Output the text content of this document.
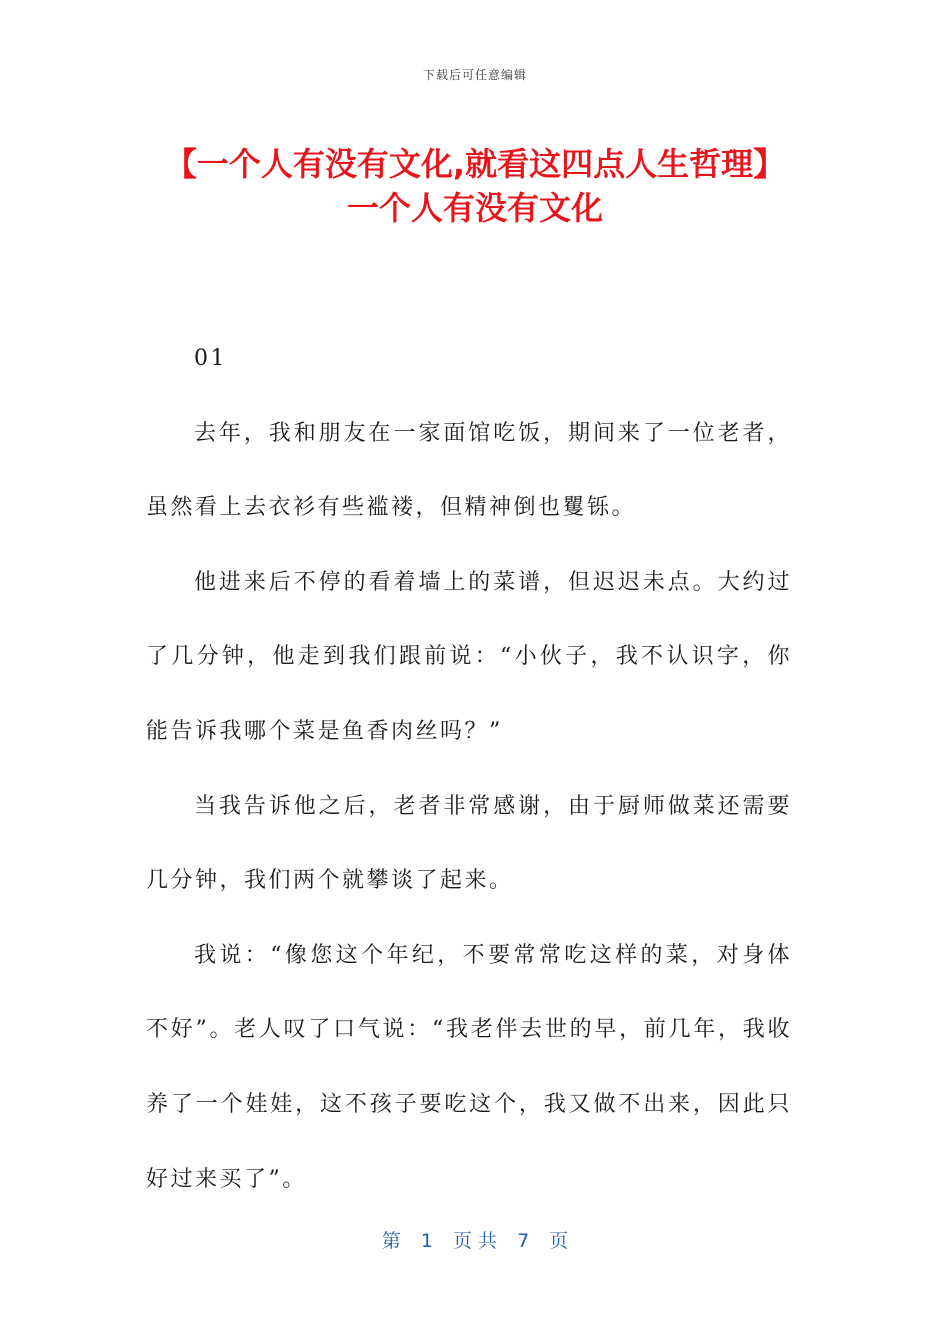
下载后可任意编辑
【一个人有没有文化,就看这四点人生哲理】
一个人有没有文化

01

去年，我和朋友在一家面馆吃饭，期间来了一位老者，虽然看上去衣衫有些褴褛，但精神倒也矍铄。

他进来后不停的看着墙上的菜谱，但迟迟未点。大约过了几分钟，他走到我们跟前说：“小伙子，我不认识字，你能告诉我哪个菜是鱼香肉丝吗？”

当我告诉他之后，老者非常感谢，由于厨师做菜还需要几分钟，我们两个就攀谈了起来。

我说：“像您这个年纪，不要常常吃这样的菜，对身体不好”。老人叹了口气说：“我老伴去世的早，前几年，我收养了一个娃娃，这不孩子要吃这个，我又做不出来，因此只好过来买了”。

第 1 页 共 7 页
